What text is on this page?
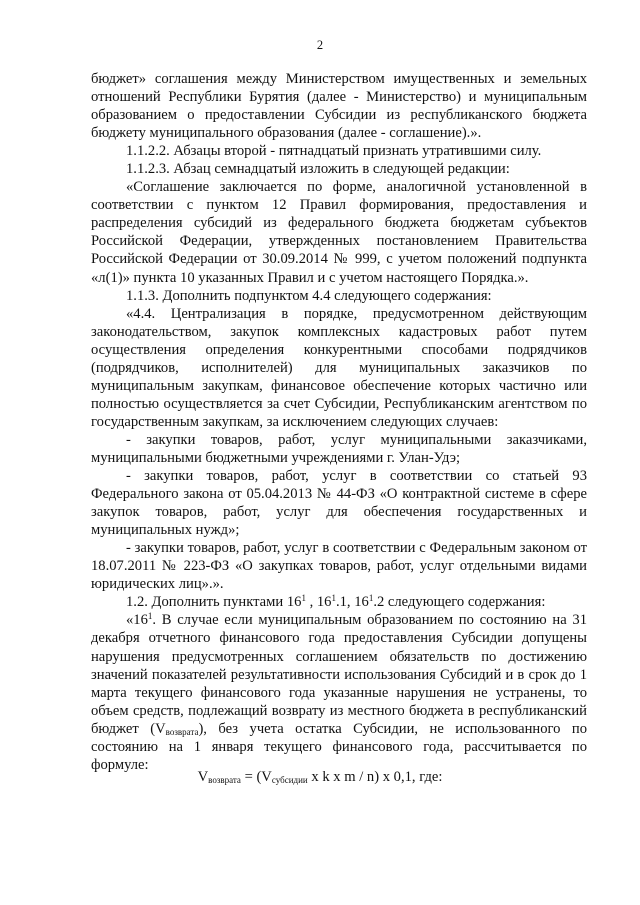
2

бюджет» соглашения между Министерством имущественных и земельных отношений Республики Бурятия (далее - Министерство) и муниципальным образованием о предоставлении Субсидии из республиканского бюджета бюджету муниципального образования (далее - соглашение).».

1.1.2.2. Абзацы второй - пятнадцатый признать утратившими силу.

1.1.2.3. Абзац семнадцатый изложить в следующей редакции:

«Соглашение заключается по форме, аналогичной установленной в соответствии с пунктом 12 Правил формирования, предоставления и распределения субсидий из федерального бюджета бюджетам субъектов Российской Федерации, утвержденных постановлением Правительства Российской Федерации от 30.09.2014 № 999, с учетом положений подпункта «л(1)» пункта 10 указанных Правил и с учетом настоящего Порядка.».

1.1.3. Дополнить подпунктом 4.4 следующего содержания:

«4.4. Централизация в порядке, предусмотренном действующим законодательством, закупок комплексных кадастровых работ путем осуществления определения конкурентными способами подрядчиков (подрядчиков, исполнителей) для муниципальных заказчиков по муниципальным закупкам, финансовое обеспечение которых частично или полностью осуществляется за счет Субсидии, Республиканским агентством по государственным закупкам, за исключением следующих случаев:

- закупки товаров, работ, услуг муниципальными заказчиками, муниципальными бюджетными учреждениями г. Улан-Удэ;

- закупки товаров, работ, услуг в соответствии со статьей 93 Федерального закона от 05.04.2013 № 44-ФЗ «О контрактной системе в сфере закупок товаров, работ, услуг для обеспечения государственных и муниципальных нужд»;

- закупки товаров, работ, услуг в соответствии с Федеральным законом от 18.07.2011 № 223-ФЗ «О закупках товаров, работ, услуг отдельными видами юридических лиц».».

1.2. Дополнить пунктами $16^1$ , $16^1.1$, $16^1.2$ следующего содержания:

«$16^1$. В случае если муниципальным образованием по состоянию на 31 декабря отчетного финансового года предоставления Субсидии допущены нарушения предусмотренных соглашением обязательств по достижению значений показателей результативности использования Субсидий и в срок до 1 марта текущего финансового года указанные нарушения не устранены, то объем средств, подлежащий возврату из местного бюджета в республиканский бюджет $(V_{возврата})$, без учета остатка Субсидии, не использованного по состоянию на 1 января текущего финансового года, рассчитывается по формуле:

$V_{возврата} = (V_{субсидии}$ x k x m / n) x 0,1, где:
